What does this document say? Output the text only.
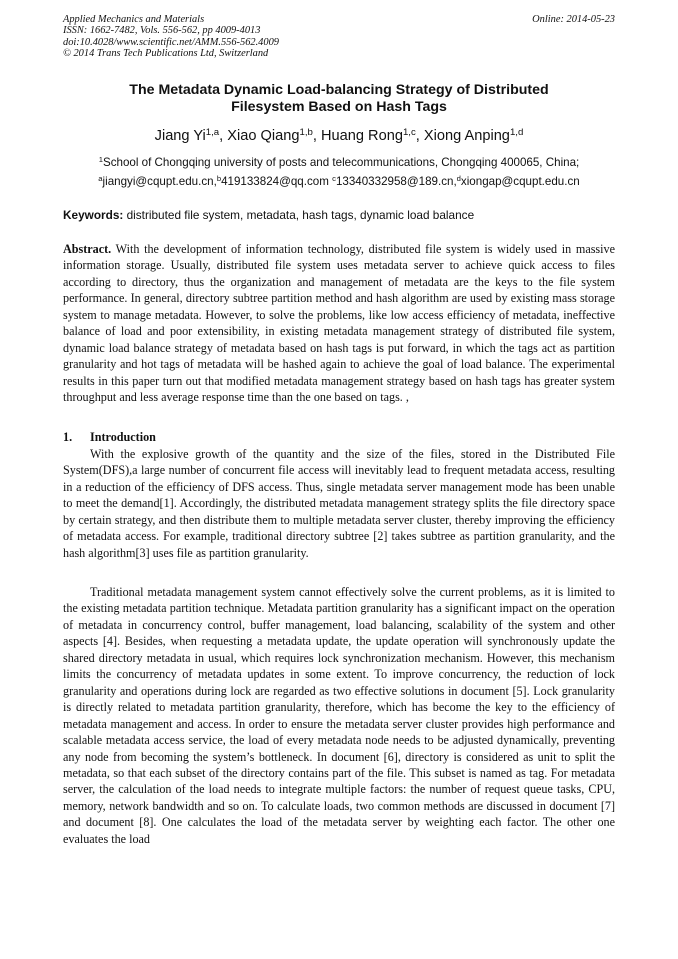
Applied Mechanics and Materials
ISSN: 1662-7482, Vols. 556-562, pp 4009-4013
doi:10.4028/www.scientific.net/AMM.556-562.4009
© 2014 Trans Tech Publications Ltd, Switzerland
Online: 2014-05-23
The Metadata Dynamic Load-balancing Strategy of Distributed
Filesystem Based on Hash Tags
Jiang Yi$^{1,a}$, Xiao Qiang$^{1,b}$, Huang Rong$^{1,c}$, Xiong Anping$^{1,d}$
$^1$School of Chongqing university of posts and telecommunications, Chongqing 400065, China;
$^a$jiangyi@cqupt.edu.cn,$^b$419133824@qq.com $^c$13340332958@189.cn,$^d$xiongap@cqupt.edu.cn
Keywords: distributed file system, metadata, hash tags, dynamic load balance
Abstract. With the development of information technology, distributed file system is widely used in massive information storage. Usually, distributed file system uses metadata server to achieve quick access to files according to directory, thus the organization and management of metadata are the keys to the file system performance. In general, directory subtree partition method and hash algorithm are used by existing mass storage system to manage metadata. However, to solve the problems, like low access efficiency of metadata, ineffective balance of load and poor extensibility, in existing metadata management strategy of distributed file system, dynamic load balance strategy of metadata based on hash tags is put forward, in which the tags act as partition granularity and hot tags of metadata will be hashed again to achieve the goal of load balance. The experimental results in this paper turn out that modified metadata management strategy based on hash tags has greater system throughput and less average response time than the one based on tags. ,
1. Introduction
With the explosive growth of the quantity and the size of the files, stored in the Distributed File System(DFS),a large number of concurrent file access will inevitably lead to frequent metadata access, resulting in a reduction of the efficiency of DFS access. Thus, single metadata server management mode has been unable to meet the demand[1]. Accordingly, the distributed metadata management strategy splits the file directory space by certain strategy, and then distribute them to multiple metadata server cluster, thereby improving the efficiency of metadata access. For example, traditional directory subtree [2] takes subtree as partition granularity, and the hash algorithm[3] uses file as partition granularity.
Traditional metadata management system cannot effectively solve the current problems, as it is limited to the existing metadata partition technique. Metadata partition granularity has a significant impact on the operation of metadata in concurrency control, buffer management, load balancing, scalability of the system and other aspects [4]. Besides, when requesting a metadata update, the update operation will synchronously update the shared directory metadata in usual, which requires lock synchronization mechanism. However, this mechanism limits the concurrency of metadata updates in some extent. To improve concurrency, the reduction of lock granularity and operations during lock are regarded as two effective solutions in document [5]. Lock granularity is directly related to metadata partition granularity, therefore, which has become the key to the efficiency of metadata management and access. In order to ensure the metadata server cluster provides high performance and scalable metadata access service, the load of every metadata node needs to be adjusted dynamically, preventing any node from becoming the system’s bottleneck. In document [6], directory is considered as unit to split the metadata, so that each subset of the directory contains part of the file. This subset is named as tag. For metadata server, the calculation of the load needs to integrate multiple factors: the number of request queue tasks, CPU, memory, network bandwidth and so on. To calculate loads, two common methods are discussed in document [7] and document [8]. One calculates the load of the metadata server by weighting each factor. The other one evaluates the load
